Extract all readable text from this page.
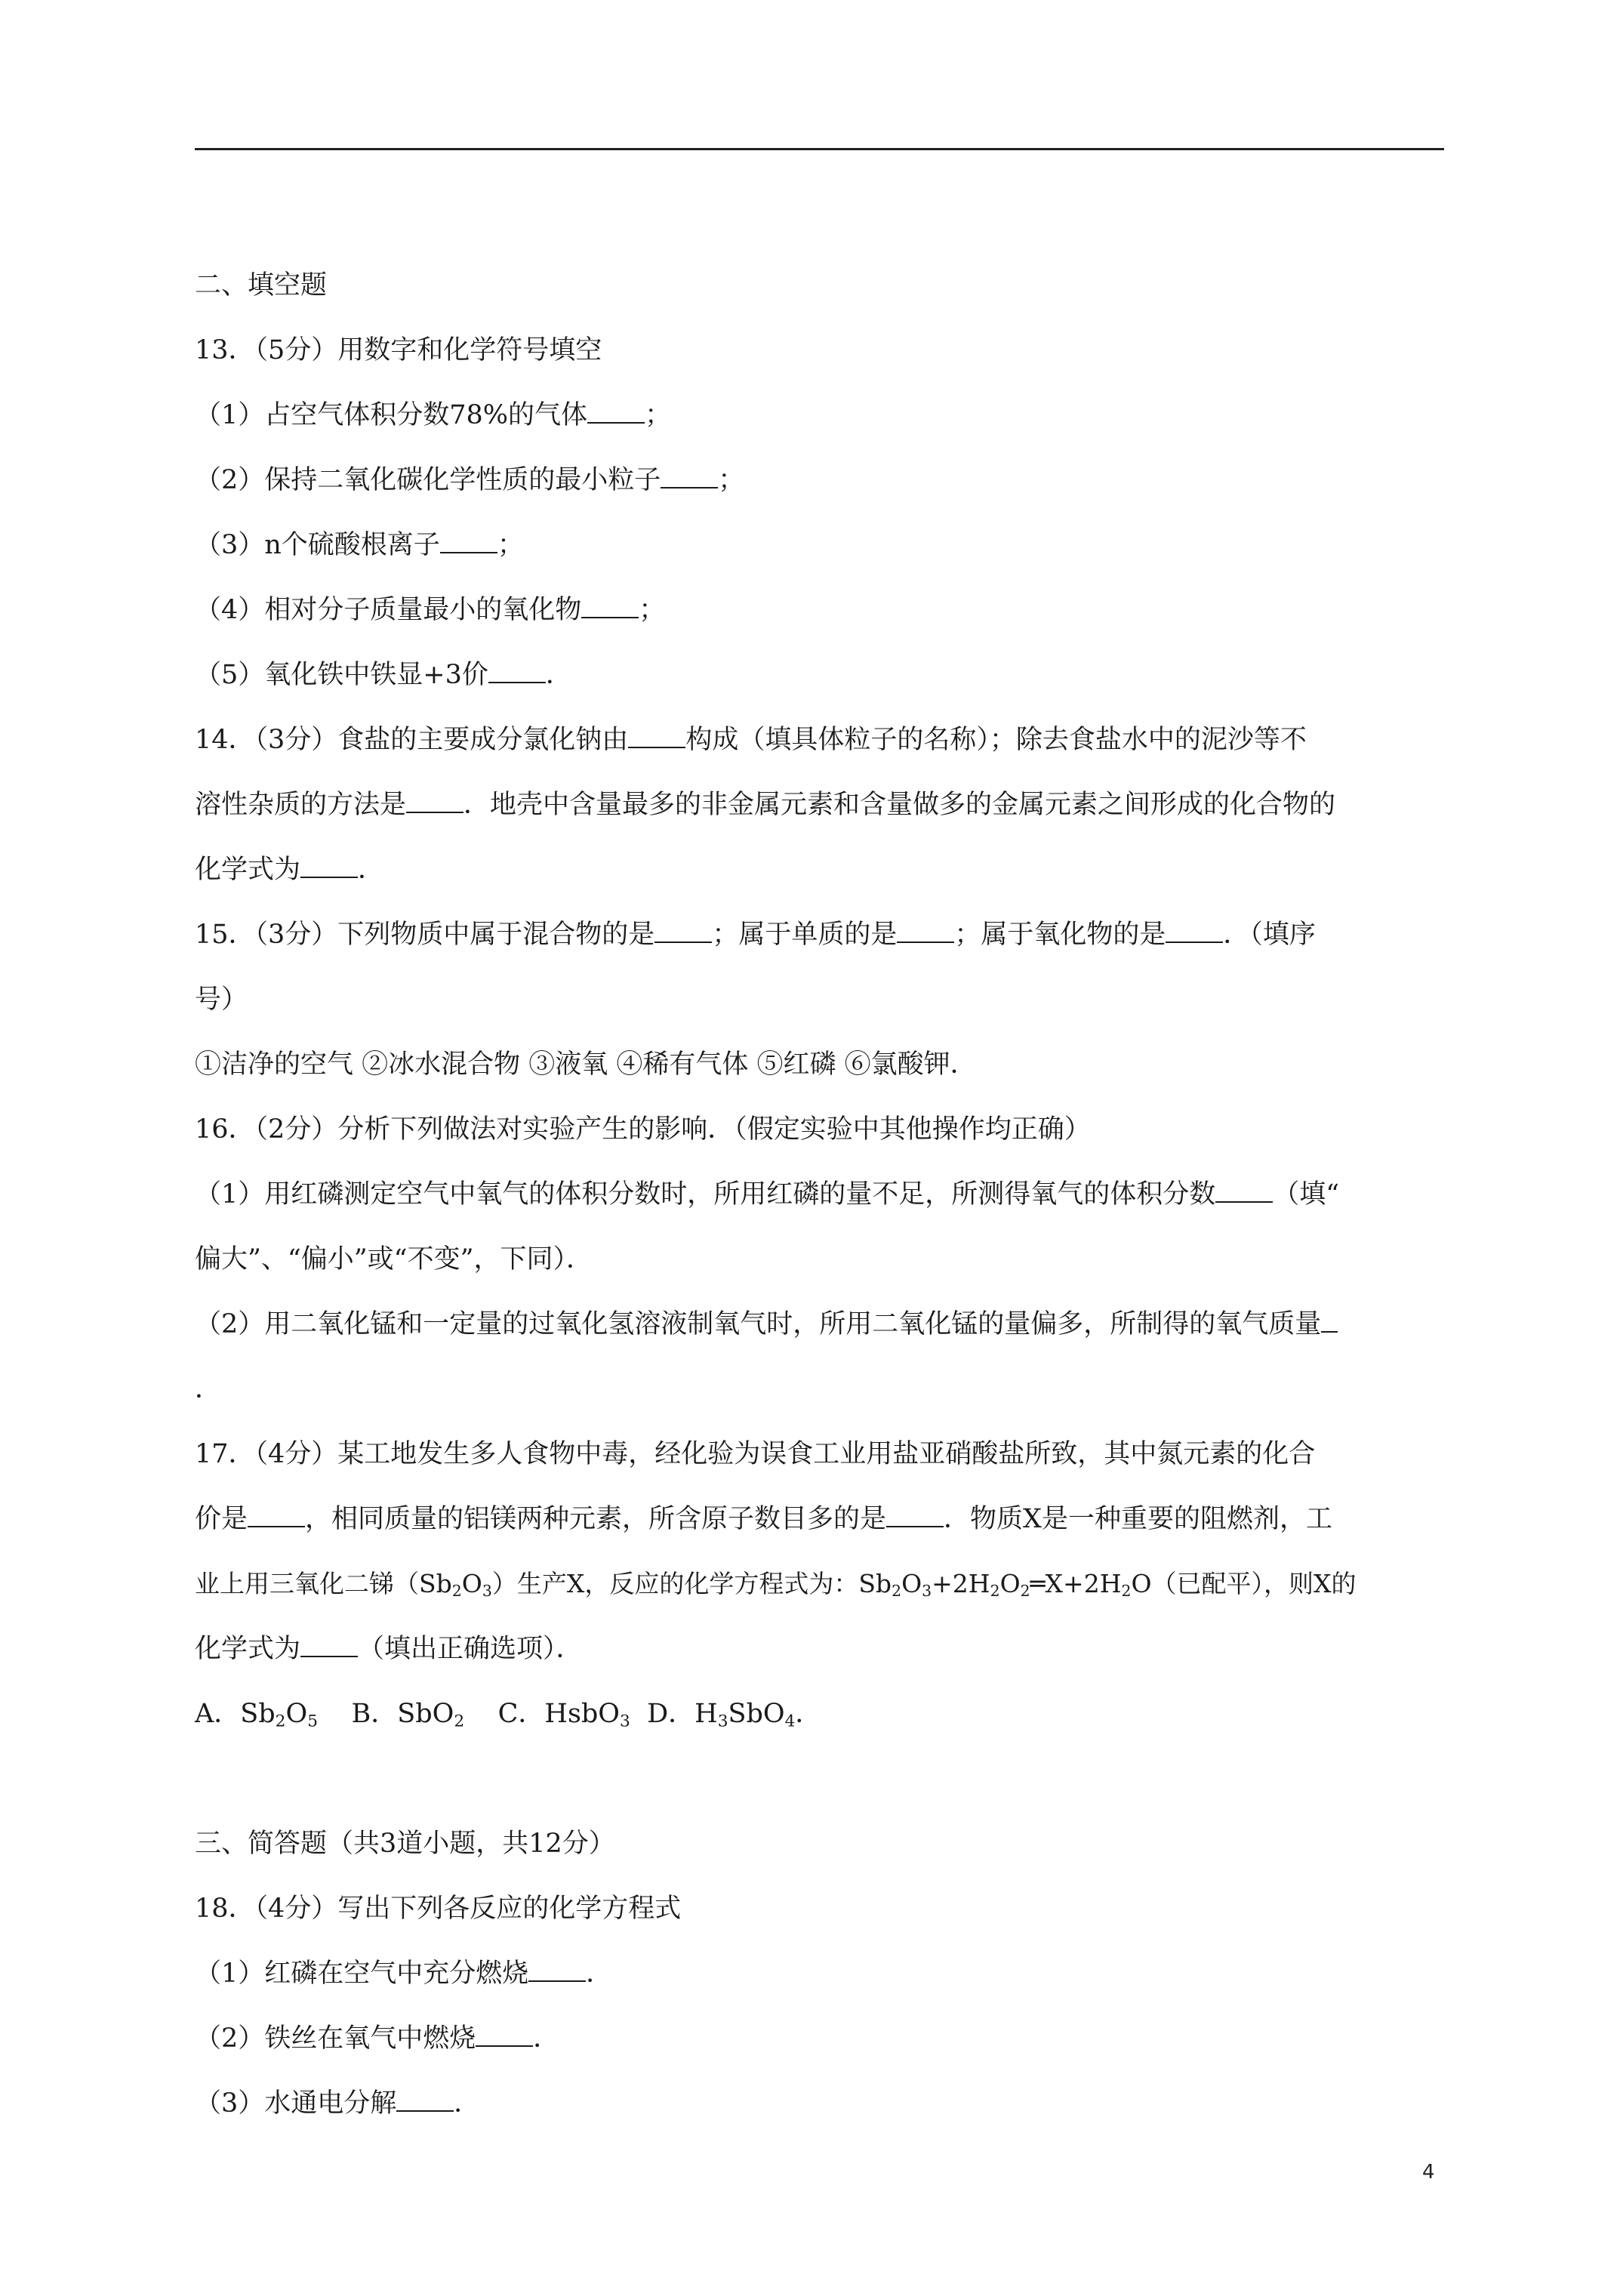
二、填空题
13．（5分）用数字和化学符号填空
（1）占空气体积分数78%的气体 ；
（2）保持二氧化碳化学性质的最小粒子 ；
（3）n个硫酸根离子 ；
（4）相对分子质量最小的氧化物 ；
（5）氧化铁中铁显+3价 ．
14．（3分）食盐的主要成分氯化钠由 构成（填具体粒子的名称）；除去食盐水中的泥沙等不
溶性杂质的方法是 ．地壳中含量最多的非金属元素和含量做多的金属元素之间形成的化合物的
化学式为 ．
15．（3分）下列物质中属于混合物的是 ；属于单质的是 ；属于氧化物的是 ．（填序
号）
①洁净的空气 ②冰水混合物 ③液氧 ④稀有气体 ⑤红磷 ⑥氯酸钾．
16．（2分）分析下列做法对实验产生的影响．（假定实验中其他操作均正确）
（1）用红磷测定空气中氧气的体积分数时，所用红磷的量不足，所测得氧气的体积分数 （填“
偏大”、“偏小”或“不变”，下同）．
（2）用二氧化锰和一定量的过氧化氢溶液制氧气时，所用二氧化锰的量偏多，所制得的氧气质量
．
17．（4分）某工地发生多人食物中毒，经化验为误食工业用盐亚硝酸盐所致，其中氮元素的化合
价是 ，相同质量的铝镁两种元素，所含原子数目多的是 ．物质X是一种重要的阻燃剂，工
业上用三氧化二锑$(Sb_2O_3)$生产X，反应的化学方程式为：$Sb_2O_3+2H_2O_2═X+2H_2O$（已配平），则X的
化学式为 （填出正确选项）．
A．$Sb_2O_5$ B．SbO$_2$ C．HsbO$_3$ D．$H_3SbO_4$．
三、简答题（共3道小题，共12分）
18．（4分）写出下列各反应的化学方程式
（1）红磷在空气中充分燃烧 ．
（2）铁丝在氧气中燃烧 ．
（3）水通电分解 ．
4
